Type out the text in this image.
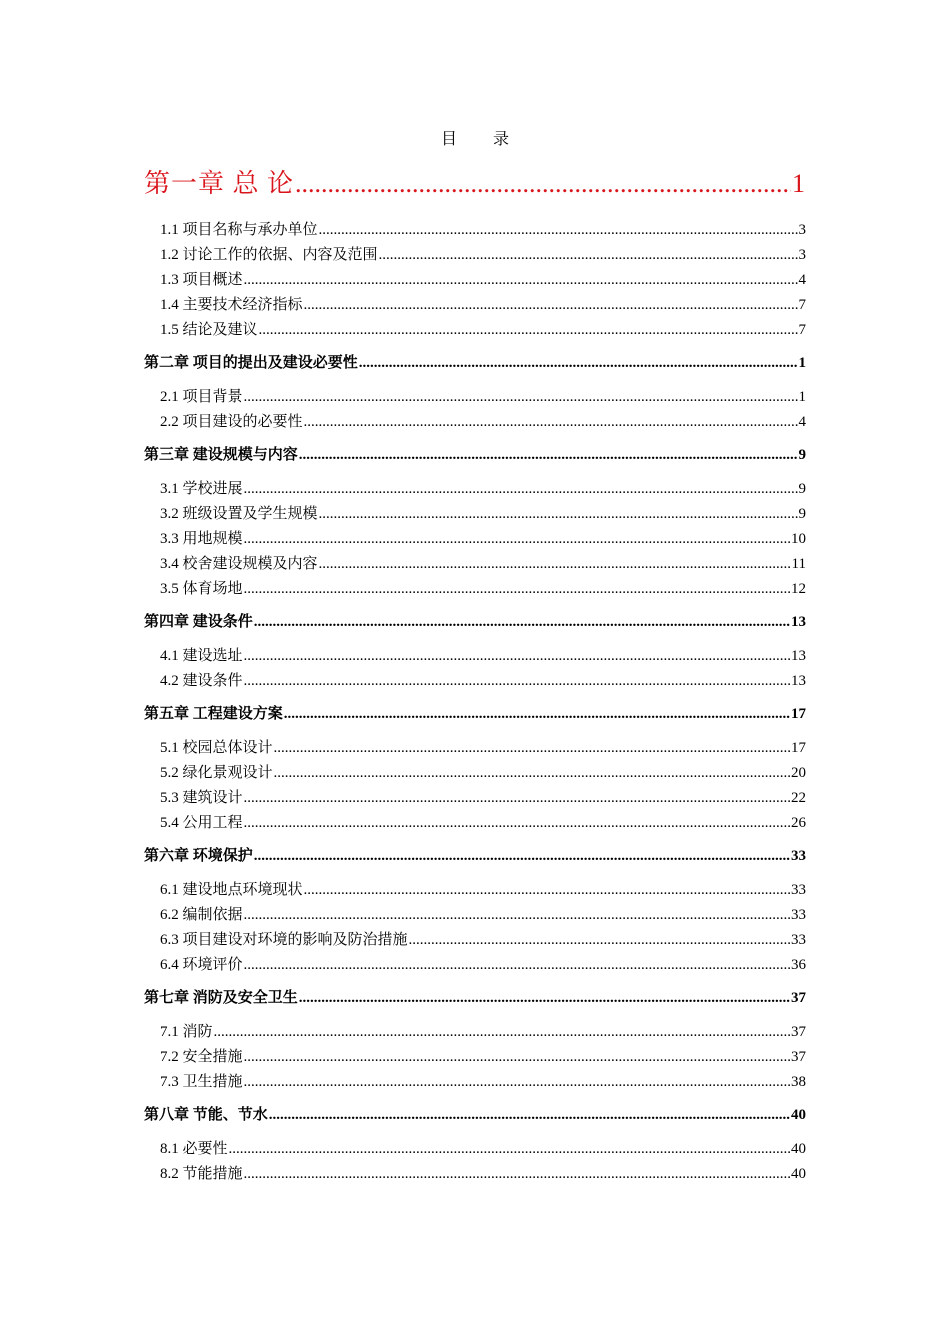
目 录
第一章 总 论 .....	1
1.1 项目名称与承办单位 .....	3
1.2 讨论工作的依据、内容及范围 .....	3
1.3 项目概述 .....	4
1.4 主要技术经济指标 .....	7
1.5 结论及建议 .....	7
第二章 项目的提出及建设必要性 .....	1
2.1 项目背景 .....	1
2.2 项目建设的必要性 .....	4
第三章 建设规模与内容 .....	9
3.1 学校进展 .....	9
3.2 班级设置及学生规模 .....	9
3.3 用地规模 .....	10
3.4 校舍建设规模及内容 .....	11
3.5 体育场地 .....	12
第四章 建设条件 .....	13
4.1 建设选址 .....	13
4.2 建设条件 .....	13
第五章 工程建设方案 .....	17
5.1 校园总体设计 .....	17
5.2 绿化景观设计 .....	20
5.3 建筑设计 .....	22
5.4 公用工程 .....	26
第六章 环境保护 .....	33
6.1 建设地点环境现状 .....	33
6.2 编制依据 .....	33
6.3 项目建设对环境的影响及防治措施 .....	33
6.4 环境评价 .....	36
第七章 消防及安全卫生 .....	37
7.1 消防 .....	37
7.2 安全措施 .....	37
7.3 卫生措施 .....	38
第八章 节能、节水 .....	40
8.1 必要性 .....	40
8.2 节能措施 .....	40
